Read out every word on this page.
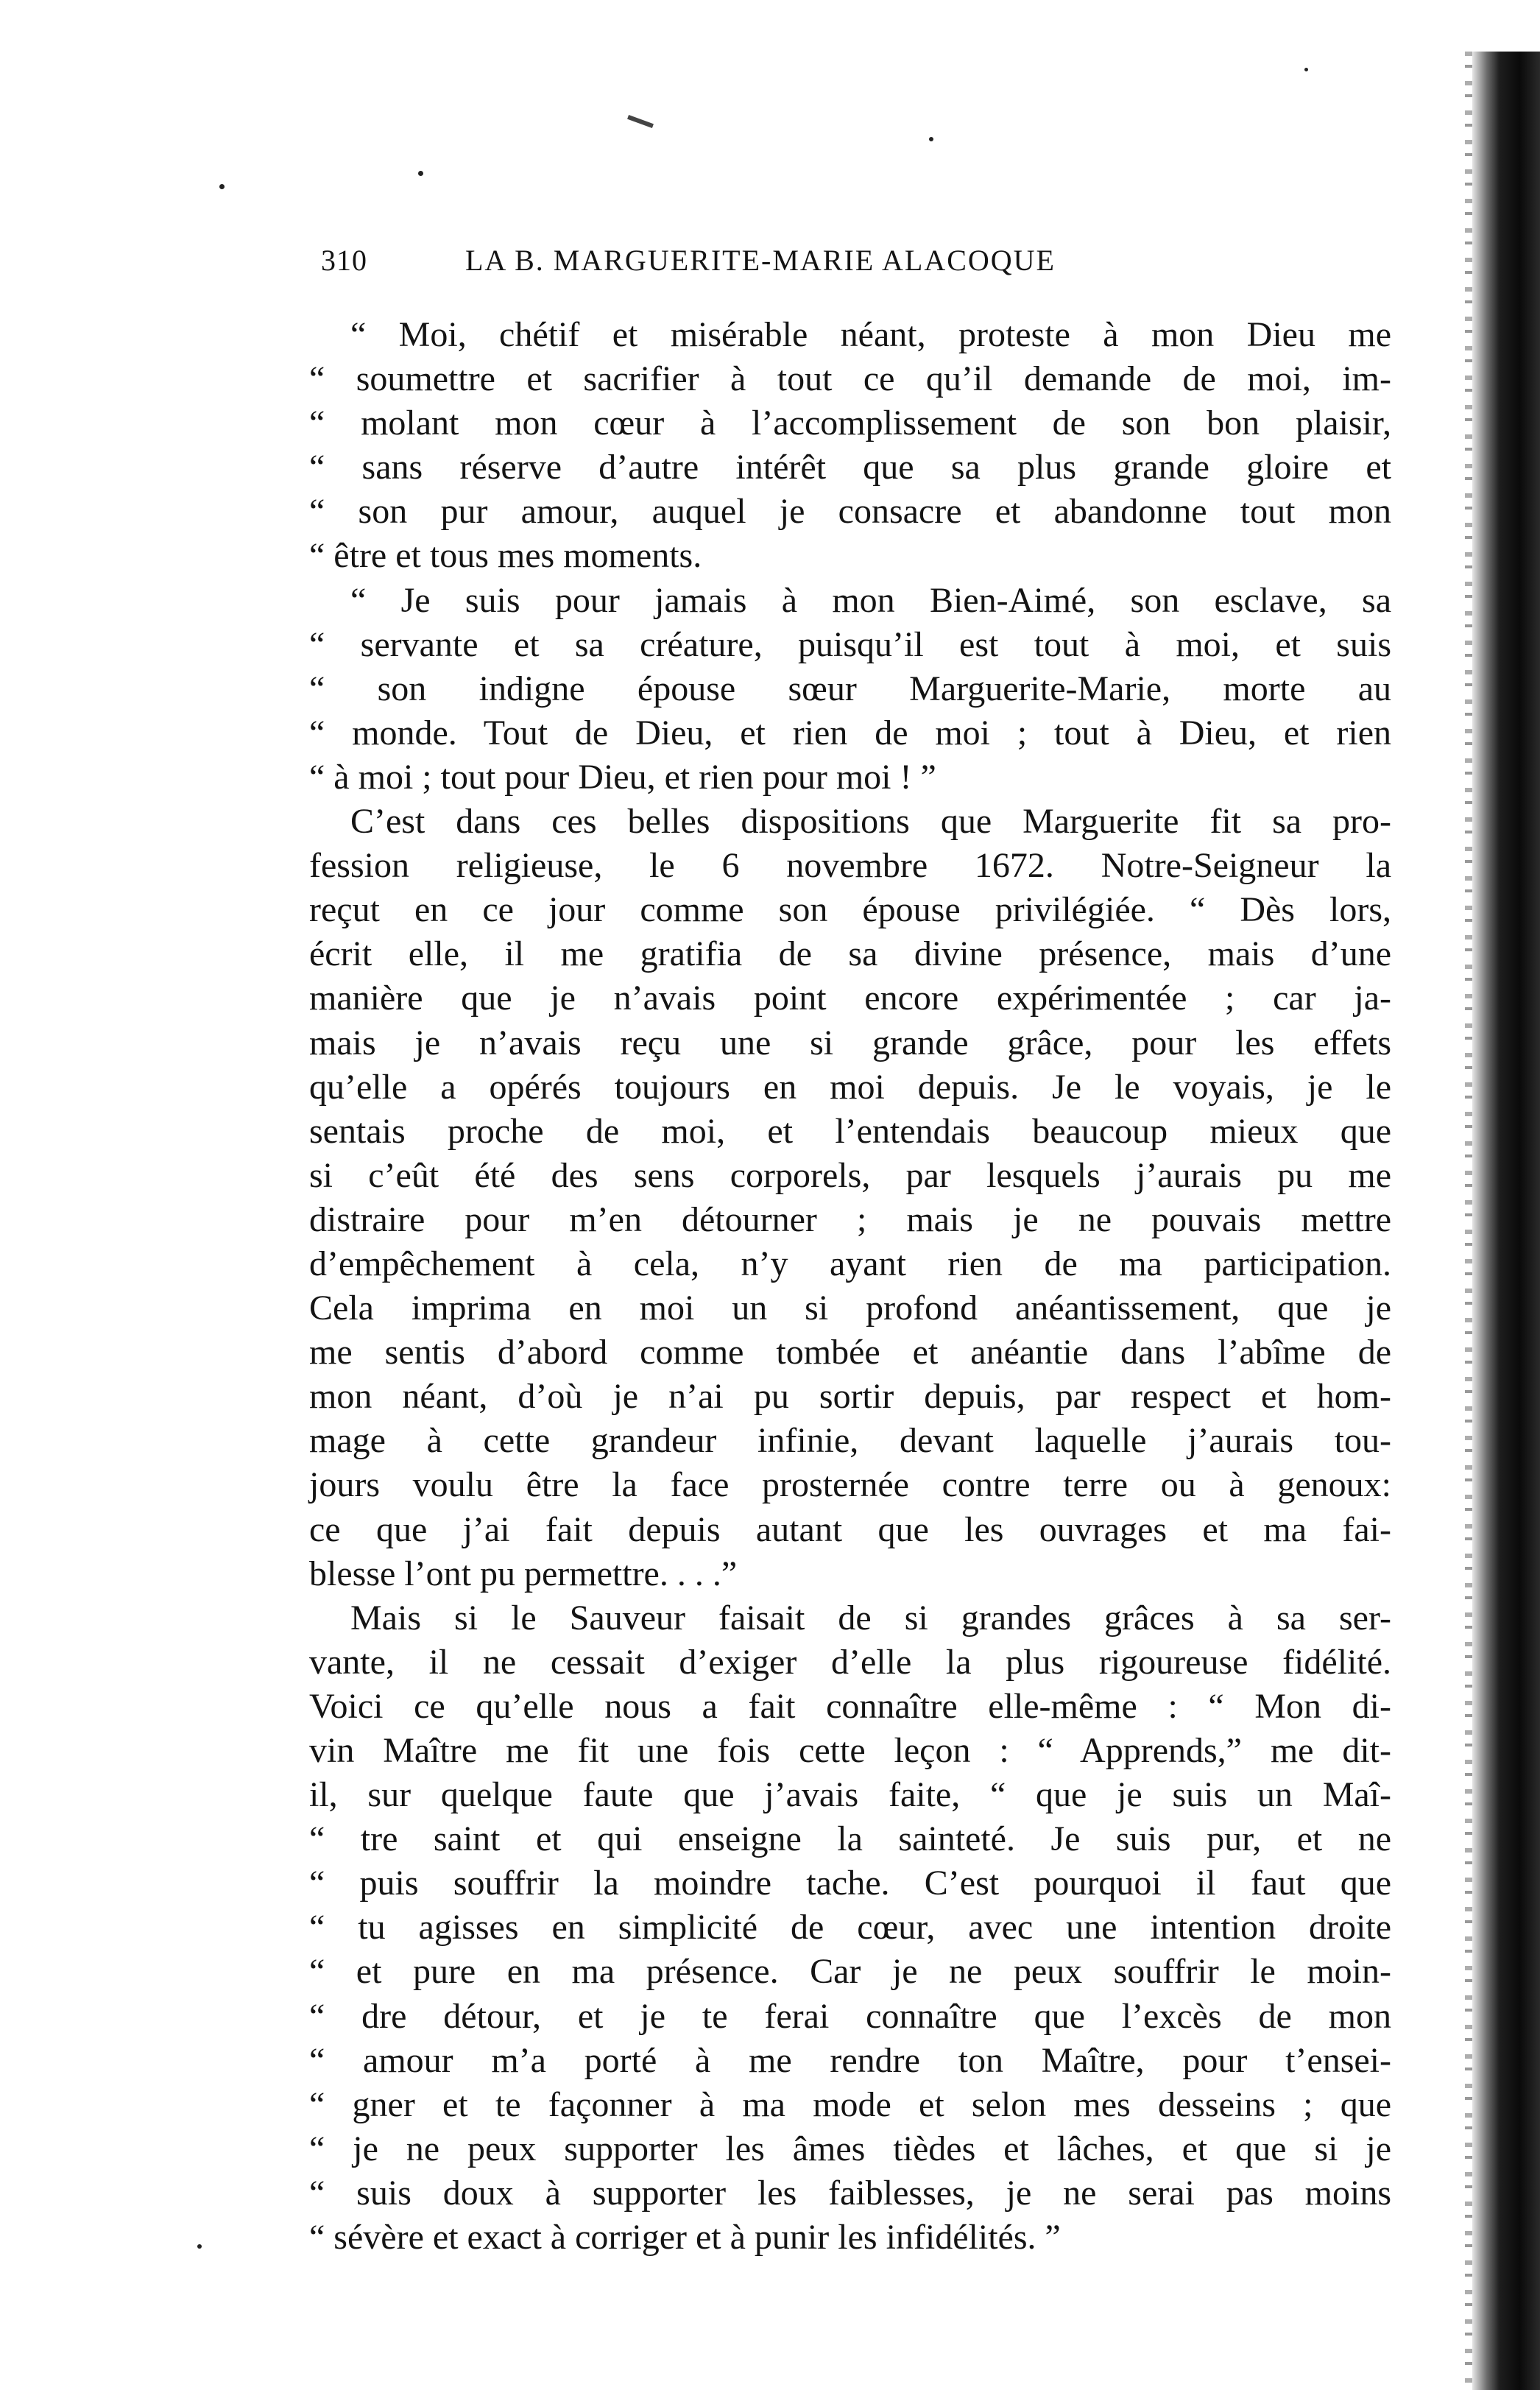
310	LA B. MARGUERITE-MARIE ALACOQUE
“ Moi, chétif et misérable néant, proteste à mon Dieu me
“ soumettre et sacrifier à tout ce qu’il demande de moi, im-
“ molant mon cœur à l’accomplissement de son bon plaisir,
“ sans réserve d’autre intérêt que sa plus grande gloire et
“ son pur amour, auquel je consacre et abandonne tout mon
“ être et tous mes moments.
“ Je suis pour jamais à mon Bien-Aimé, son esclave, sa
“ servante et sa créature, puisqu’il est tout à moi, et suis
“ son indigne épouse sœur Marguerite-Marie, morte au
“ monde. Tout de Dieu, et rien de moi ; tout à Dieu, et rien
“ à moi ; tout pour Dieu, et rien pour moi ! ”
C’est dans ces belles dispositions que Marguerite fit sa pro-
fession religieuse, le 6 novembre 1672. Notre-Seigneur la
reçut en ce jour comme son épouse privilégiée. “ Dès lors,
écrit elle, il me gratifia de sa divine présence, mais d’une
manière que je n’avais point encore expérimentée ; car ja-
mais je n’avais reçu une si grande grâce, pour les effets
qu’elle a opérés toujours en moi depuis. Je le voyais, je le
sentais proche de moi, et l’entendais beaucoup mieux que
si c’eût été des sens corporels, par lesquels j’aurais pu me
distraire pour m’en détourner ; mais je ne pouvais mettre
d’empêchement à cela, n’y ayant rien de ma participation.
Cela imprima en moi un si profond anéantissement, que je
me sentis d’abord comme tombée et anéantie dans l’abîme de
mon néant, d’où je n’ai pu sortir depuis, par respect et hom-
mage à cette grandeur infinie, devant laquelle j’aurais tou-
jours voulu être la face prosternée contre terre ou à genoux:
ce que j’ai fait depuis autant que les ouvrages et ma fai-
blesse l’ont pu permettre. . . .”
Mais si le Sauveur faisait de si grandes grâces à sa ser-
vante, il ne cessait d’exiger d’elle la plus rigoureuse fidélité.
Voici ce qu’elle nous a fait connaître elle-même : “ Mon di-
vin Maître me fit une fois cette leçon : “ Apprends,” me dit-
il, sur quelque faute que j’avais faite, “ que je suis un Maî-
“ tre saint et qui enseigne la sainteté. Je suis pur, et ne
“ puis souffrir la moindre tache. C’est pourquoi il faut que
“ tu agisses en simplicité de cœur, avec une intention droite
“ et pure en ma présence. Car je ne peux souffrir le moin-
“ dre détour, et je te ferai connaître que l’excès de mon
“ amour m’a porté à me rendre ton Maître, pour t’ensei-
“ gner et te façonner à ma mode et selon mes desseins ; que
“ je ne peux supporter les âmes tièdes et lâches, et que si je
“ suis doux à supporter les faiblesses, je ne serai pas moins
“ sévère et exact à corriger et à punir les infidélités. ”
